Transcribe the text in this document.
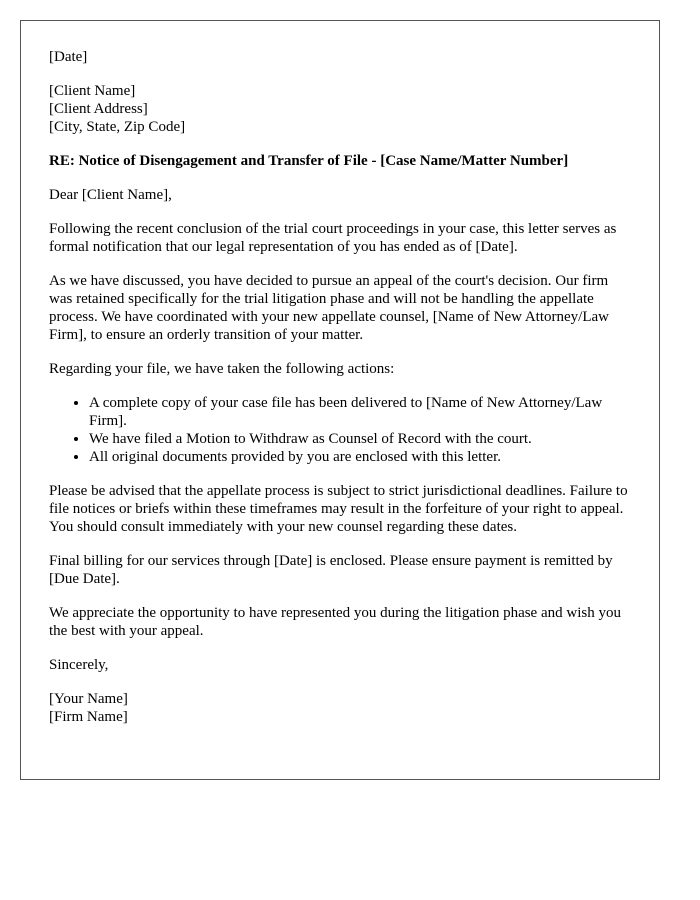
[Date]

[Client Name]
[Client Address]
[City, State, Zip Code]

RE: Notice of Disengagement and Transfer of File - [Case Name/Matter Number]

Dear [Client Name],

Following the recent conclusion of the trial court proceedings in your case, this letter serves as formal notification that our legal representation of you has ended as of [Date].

As we have discussed, you have decided to pursue an appeal of the court's decision. Our firm was retained specifically for the trial litigation phase and will not be handling the appellate process. We have coordinated with your new appellate counsel, [Name of New Attorney/Law Firm], to ensure an orderly transition of your matter.

Regarding your file, we have taken the following actions:

• A complete copy of your case file has been delivered to [Name of New Attorney/Law Firm].
• We have filed a Motion to Withdraw as Counsel of Record with the court.
• All original documents provided by you are enclosed with this letter.

Please be advised that the appellate process is subject to strict jurisdictional deadlines. Failure to file notices or briefs within these timeframes may result in the forfeiture of your right to appeal. You should consult immediately with your new counsel regarding these dates.

Final billing for our services through [Date] is enclosed. Please ensure payment is remitted by [Due Date].

We appreciate the opportunity to have represented you during the litigation phase and wish you the best with your appeal.

Sincerely,

[Your Name]
[Firm Name]
